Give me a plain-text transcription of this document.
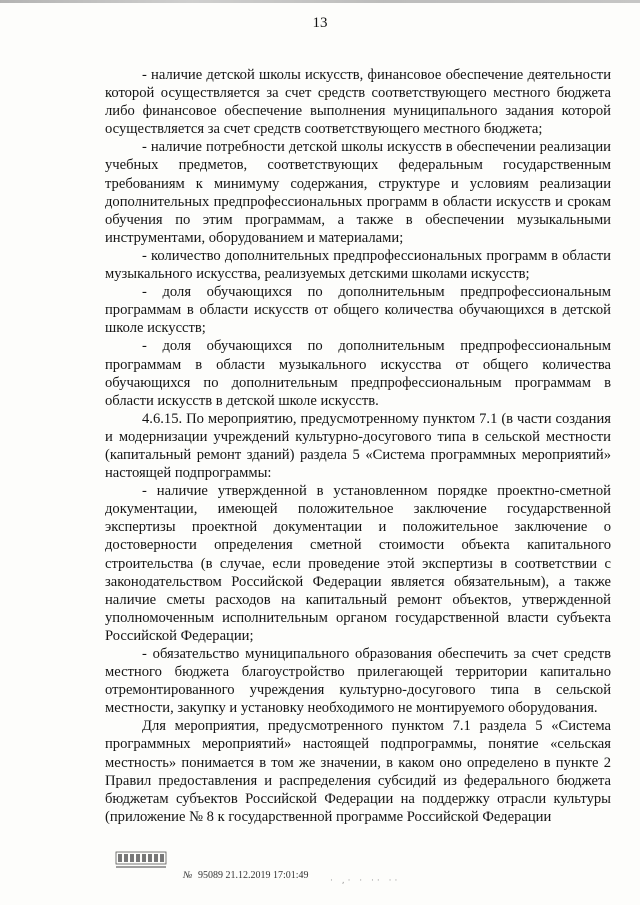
13

- наличие детской школы искусств, финансовое обеспечение деятельности которой осуществляется за счет средств соответствующего местного бюджета либо финансовое обеспечение выполнения муниципального задания которой осуществляется за счет средств соответствующего местного бюджета;

- наличие потребности детской школы искусств в обеспечении реализации учебных предметов, соответствующих федеральным государственным требованиям к минимуму содержания, структуре и условиям реализации дополнительных предпрофессиональных программ в области искусств и срокам обучения по этим программам, а также в обеспечении музыкальными инструментами, оборудованием и материалами;

- количество дополнительных предпрофессиональных программ в области музыкального искусства, реализуемых детскими школами искусств;

- доля обучающихся по дополнительным предпрофессиональным программам в области искусств от общего количества обучающихся в детской школе искусств;

- доля обучающихся по дополнительным предпрофессиональным программам в области музыкального искусства от общего количества обучающихся по дополнительным предпрофессиональным программам в области искусств в детской школе искусств.

4.6.15. По мероприятию, предусмотренному пунктом 7.1 (в части создания и модернизации учреждений культурно-досугового типа в сельской местности (капитальный ремонт зданий) раздела 5 «Система программных мероприятий» настоящей подпрограммы:

- наличие утвержденной в установленном порядке проектно-сметной документации, имеющей положительное заключение государственной экспертизы проектной документации и положительное заключение о достоверности определения сметной стоимости объекта капитального строительства (в случае, если проведение этой экспертизы в соответствии с законодательством Российской Федерации является обязательным), а также наличие сметы расходов на капитальный ремонт объектов, утвержденной уполномоченным исполнительным органом государственной власти субъекта Российской Федерации;

- обязательство муниципального образования обеспечить за счет средств местного бюджета благоустройство прилегающей территории капитально отремонтированного учреждения культурно-досугового типа в сельской местности, закупку и установку необходимого не монтируемого оборудования.

Для мероприятия, предусмотренного пунктом 7.1 раздела 5 «Система программных мероприятий» настоящей подпрограммы, понятие «сельская местность» понимается в том же значении, в каком оно определено в пункте 2 Правил предоставления и распределения субсидий из федерального бюджета бюджетам субъектов Российской Федерации на поддержку отрасли культуры (приложение № 8 к государственной программе Российской Федерации

№ 95089 21.12.2019 17:01:49 · ,· · ·· ··
